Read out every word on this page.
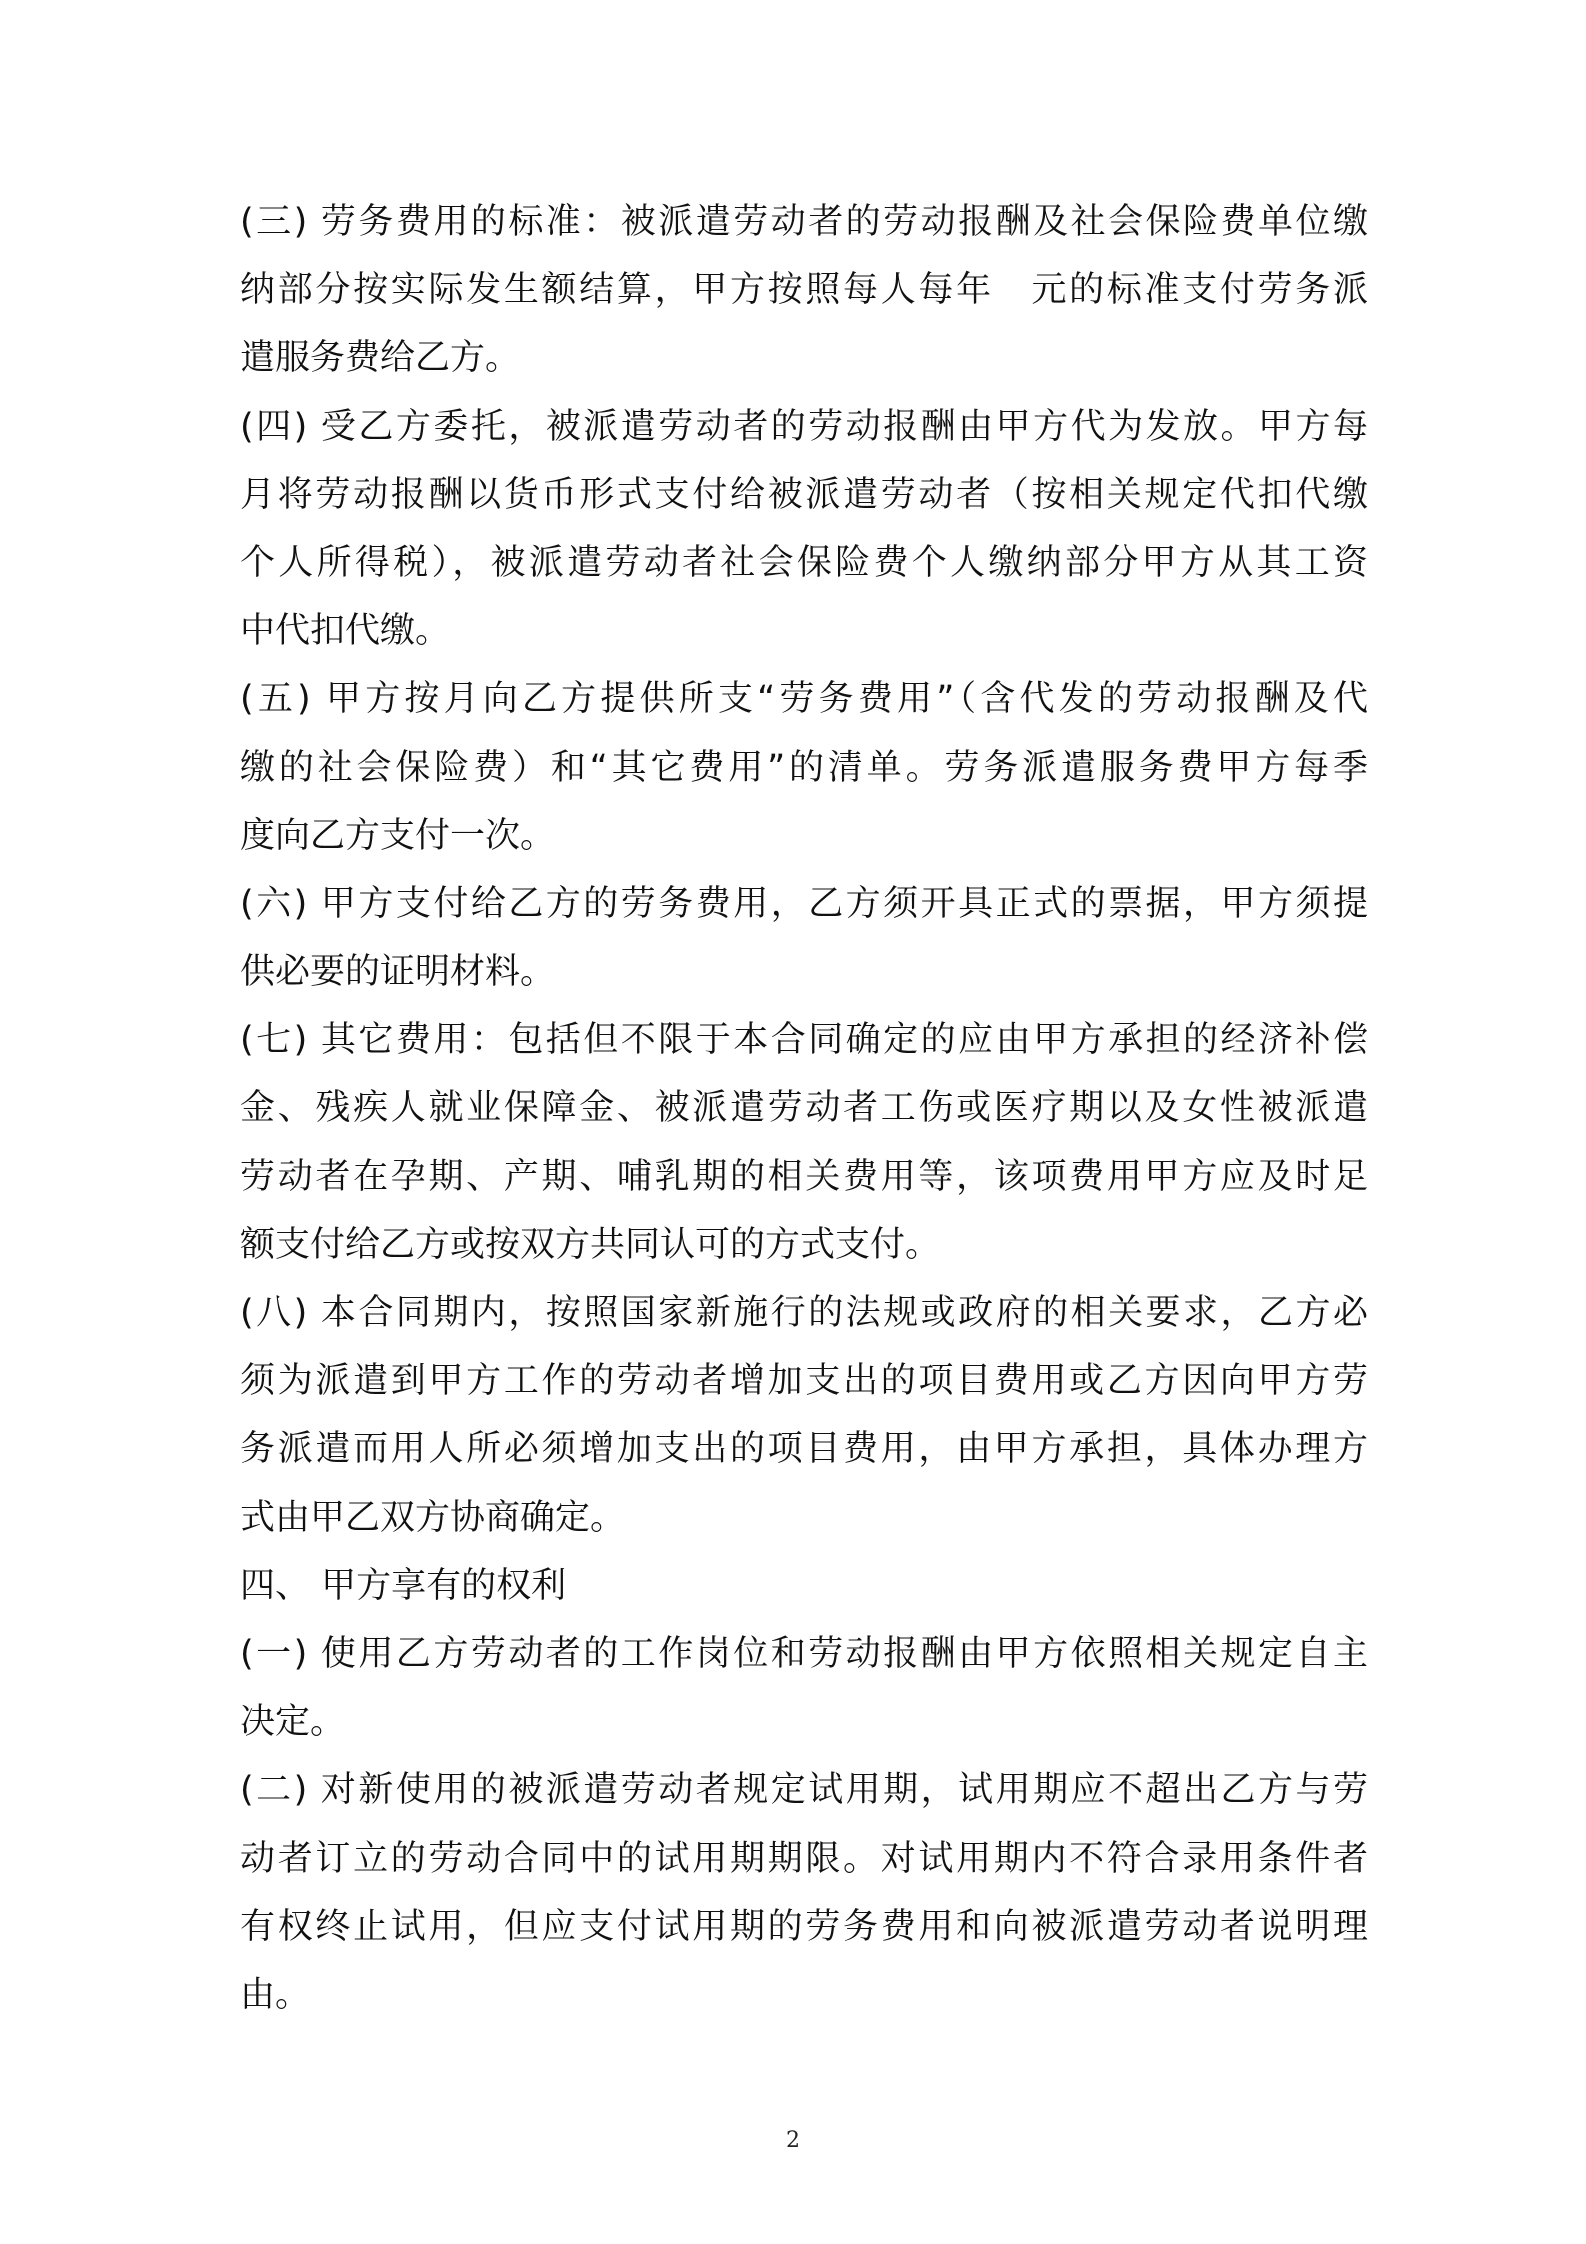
(三) 劳务费用的标准：被派遣劳动者的劳动报酬及社会保险费单位缴
纳部分按实际发生额结算，甲方按照每人每年　元的标准支付劳务派
遣服务费给乙方。
(四) 受乙方委托，被派遣劳动者的劳动报酬由甲方代为发放。甲方每
月将劳动报酬以货币形式支付给被派遣劳动者（按相关规定代扣代缴
个人所得税），被派遣劳动者社会保险费个人缴纳部分甲方从其工资
中代扣代缴。
(五) 甲方按月向乙方提供所支“劳务费用”（含代发的劳动报酬及代
缴的社会保险费）和“其它费用”的清单。劳务派遣服务费甲方每季
度向乙方支付一次。
(六) 甲方支付给乙方的劳务费用，乙方须开具正式的票据，甲方须提
供必要的证明材料。
(七) 其它费用：包括但不限于本合同确定的应由甲方承担的经济补偿
金、残疾人就业保障金、被派遣劳动者工伤或医疗期以及女性被派遣
劳动者在孕期、产期、哺乳期的相关费用等，该项费用甲方应及时足
额支付给乙方或按双方共同认可的方式支付。
(八) 本合同期内，按照国家新施行的法规或政府的相关要求，乙方必
须为派遣到甲方工作的劳动者增加支出的项目费用或乙方因向甲方劳
务派遣而用人所必须增加支出的项目费用，由甲方承担，具体办理方
式由甲乙双方协商确定。
四、 甲方享有的权利
(一) 使用乙方劳动者的工作岗位和劳动报酬由甲方依照相关规定自主
决定。
(二) 对新使用的被派遣劳动者规定试用期，试用期应不超出乙方与劳
动者订立的劳动合同中的试用期期限。对试用期内不符合录用条件者
有权终止试用，但应支付试用期的劳务费用和向被派遣劳动者说明理
由。
2
